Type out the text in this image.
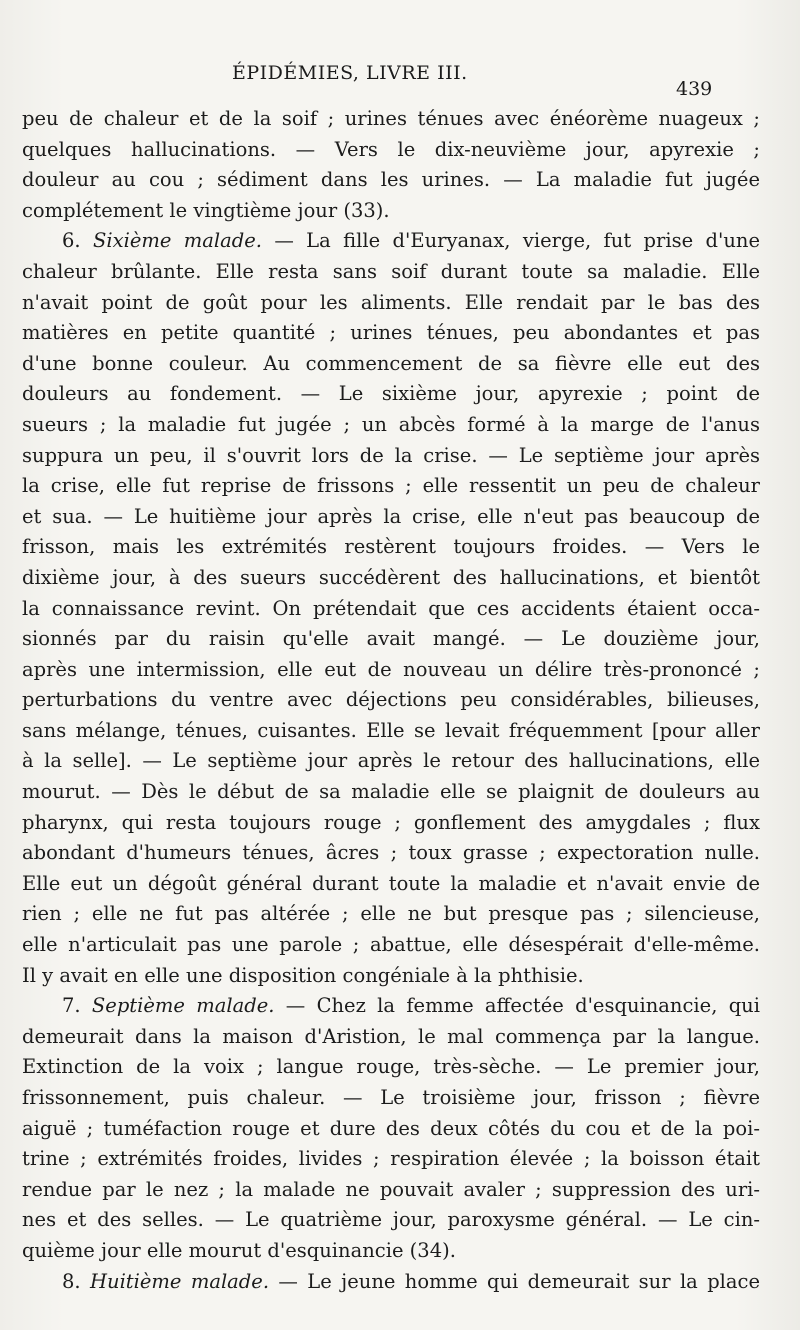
ÉPIDÉMIES, LIVRE III.
439
peu de chaleur et de la soif ; urines ténues avec énéorème nuageux ;
quelques hallucinations. — Vers le dix-neuvième jour, apyrexie ;
douleur au cou ; sédiment dans les urines. — La maladie fut jugée
complétement le vingtième jour (33).
6. Sixième malade. — La fille d'Euryanax, vierge, fut prise d'une
chaleur brûlante. Elle resta sans soif durant toute sa maladie. Elle
n'avait point de goût pour les aliments. Elle rendait par le bas des
matières en petite quantité ; urines ténues, peu abondantes et pas
d'une bonne couleur. Au commencement de sa fièvre elle eut des
douleurs au fondement. — Le sixième jour, apyrexie ; point de
sueurs ; la maladie fut jugée ; un abcès formé à la marge de l'anus
suppura un peu, il s'ouvrit lors de la crise. — Le septième jour après
la crise, elle fut reprise de frissons ; elle ressentit un peu de chaleur
et sua. — Le huitième jour après la crise, elle n'eut pas beaucoup de
frisson, mais les extrémités restèrent toujours froides. — Vers le
dixième jour, à des sueurs succédèrent des hallucinations, et bientôt
la connaissance revint. On prétendait que ces accidents étaient occa-
sionnés par du raisin qu'elle avait mangé. — Le douzième jour,
après une intermission, elle eut de nouveau un délire très-prononcé ;
perturbations du ventre avec déjections peu considérables, bilieuses,
sans mélange, ténues, cuisantes. Elle se levait fréquemment [pour aller
à la selle]. — Le septième jour après le retour des hallucinations, elle
mourut. — Dès le début de sa maladie elle se plaignit de douleurs au
pharynx, qui resta toujours rouge ; gonflement des amygdales ; flux
abondant d'humeurs ténues, âcres ; toux grasse ; expectoration nulle.
Elle eut un dégoût général durant toute la maladie et n'avait envie de
rien ; elle ne fut pas altérée ; elle ne but presque pas ; silencieuse,
elle n'articulait pas une parole ; abattue, elle désespérait d'elle-même.
Il y avait en elle une disposition congéniale à la phthisie.
7. Septième malade. — Chez la femme affectée d'esquinancie, qui
demeurait dans la maison d'Aristion, le mal commença par la langue.
Extinction de la voix ; langue rouge, très-sèche. — Le premier jour,
frissonnement, puis chaleur. — Le troisième jour, frisson ; fièvre
aiguë ; tuméfaction rouge et dure des deux côtés du cou et de la poi-
trine ; extrémités froides, livides ; respiration élevée ; la boisson était
rendue par le nez ; la malade ne pouvait avaler ; suppression des uri-
nes et des selles. — Le quatrième jour, paroxysme général. — Le cin-
quième jour elle mourut d'esquinancie (34).
8. Huitième malade. — Le jeune homme qui demeurait sur la place
